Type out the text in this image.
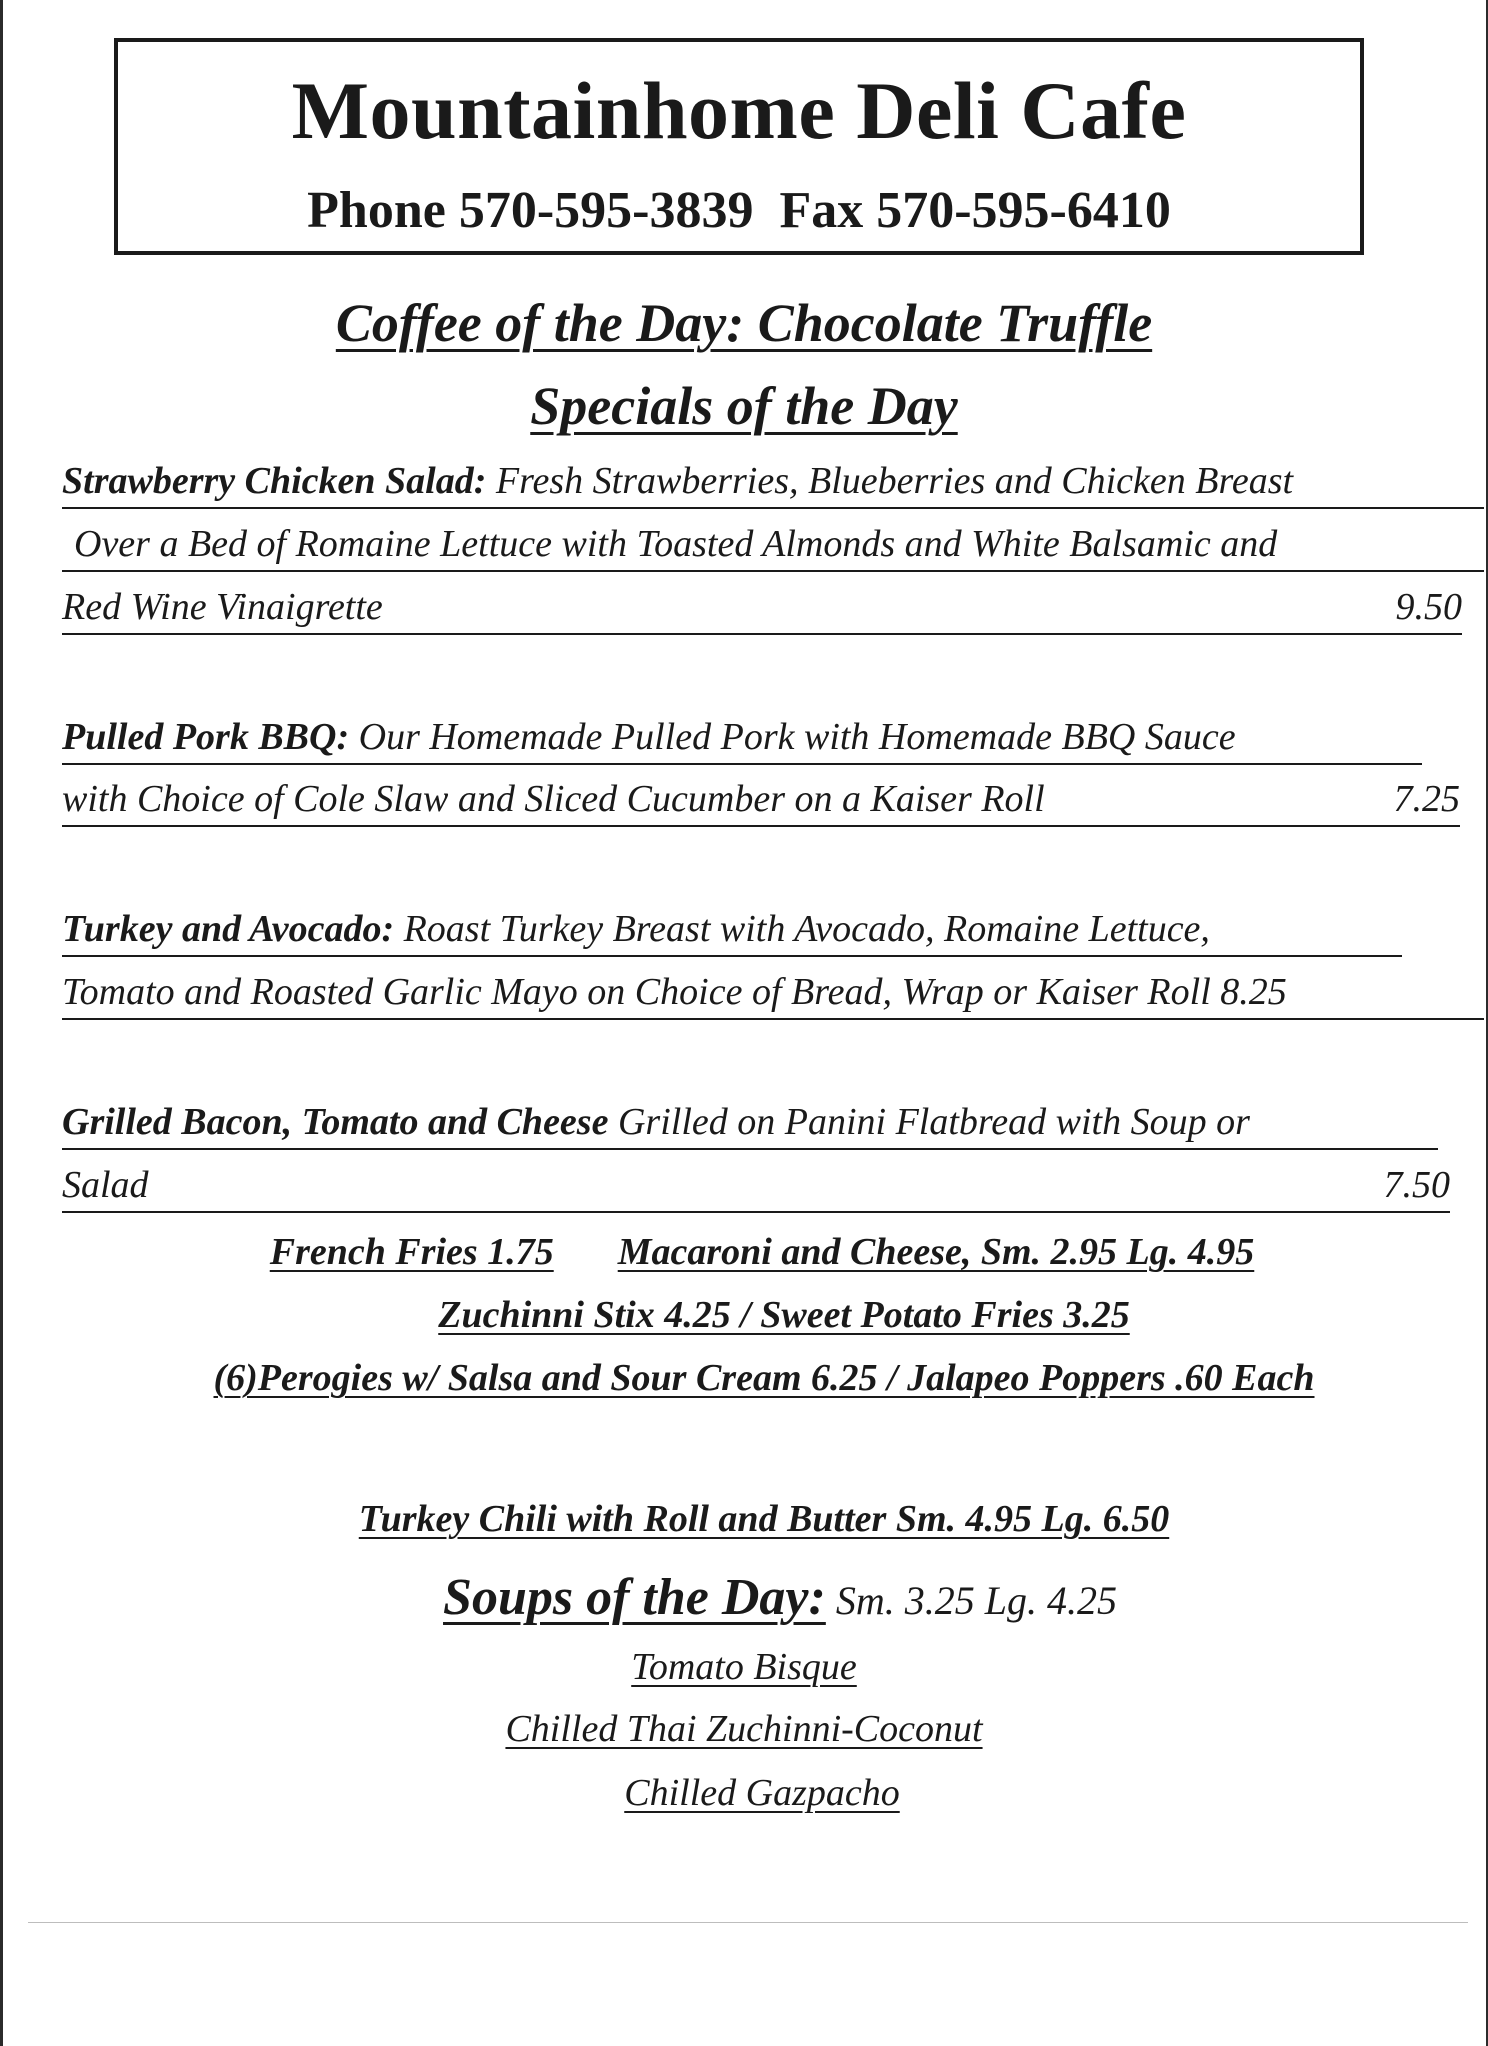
Mountainhome Deli Cafe
Phone 570-595-3839  Fax 570-595-6410
Coffee of the Day: Chocolate Truffle
Specials of the Day
Strawberry Chicken Salad: Fresh Strawberries, Blueberries and Chicken Breast
Over a Bed of Romaine Lettuce with Toasted Almonds and White Balsamic and
Red Wine Vinaigrette	9.50
Pulled Pork BBQ: Our Homemade Pulled Pork with Homemade BBQ Sauce
with Choice of Cole Slaw and Sliced Cucumber on a Kaiser Roll	7.25
Turkey and Avocado: Roast Turkey Breast with Avocado, Romaine Lettuce,
Tomato and Roasted Garlic Mayo on Choice of Bread, Wrap or Kaiser Roll 8.25
Grilled Bacon, Tomato and Cheese Grilled on Panini Flatbread with Soup or
Salad	7.50
French Fries 1.75 Macaroni and Cheese, Sm. 2.95 Lg. 4.95
Zuchinni Stix 4.25 / Sweet Potato Fries 3.25
(6)Perogies w/ Salsa and Sour Cream 6.25 / Jalapeo Poppers .60 Each
Turkey Chili with Roll and Butter Sm. 4.95 Lg. 6.50
Soups of the Day: Sm. 3.25 Lg. 4.25
Tomato Bisque
Chilled Thai Zuchinni-Coconut
Chilled Gazpacho
